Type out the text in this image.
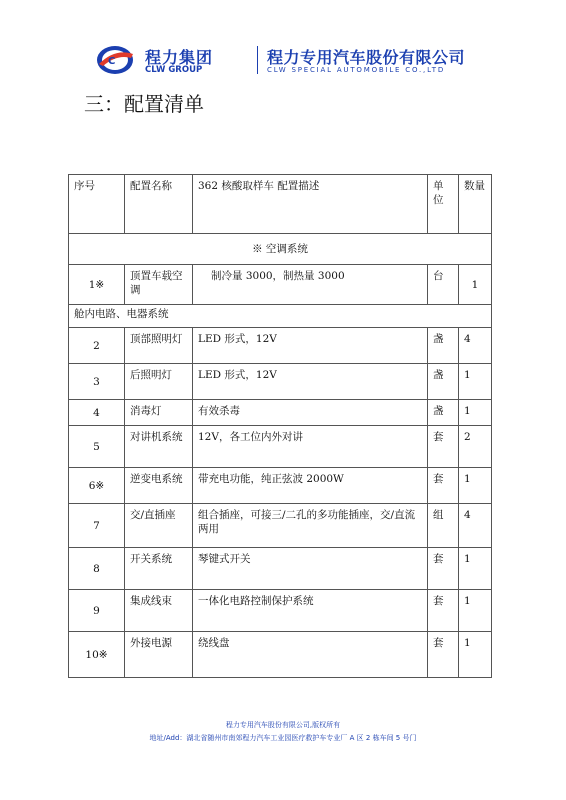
C 程力集团
CLW GROUP
程力专用汽车股份有限公司
CLW SPECIAL AUTOMOBILE CO.,LTD
三：配置清单
序号	配置名称	362 核酸取样车 配置描述	单位	数量
※ 空调系统				
1※	顶置车载空调	制冷量 3000，制热量 3000	台	1
舱内电路、电器系统				
2	顶部照明灯	LED 形式，12V	盏	4
3	后照明灯	LED 形式，12V	盏	1
4	消毒灯	有效杀毒	盏	1
5	对讲机系统	12V，各工位内外对讲	套	2
6※	逆变电系统	带充电功能，纯正弦波 2000W	套	1
7	交/直插座	组合插座，可接三/二孔的多功能插座，交/直流两用	组	4
8	开关系统	琴键式开关	套	1
9	集成线束	一体化电路控制保护系统	套	1
10※	外接电源	绕线盘	套	1
程力专用汽车股份有限公司,版权所有
地址/Add：湖北省随州市南郊程力汽车工业园医疗救护车专业厂 A 区 2 栋车间 5 号门
